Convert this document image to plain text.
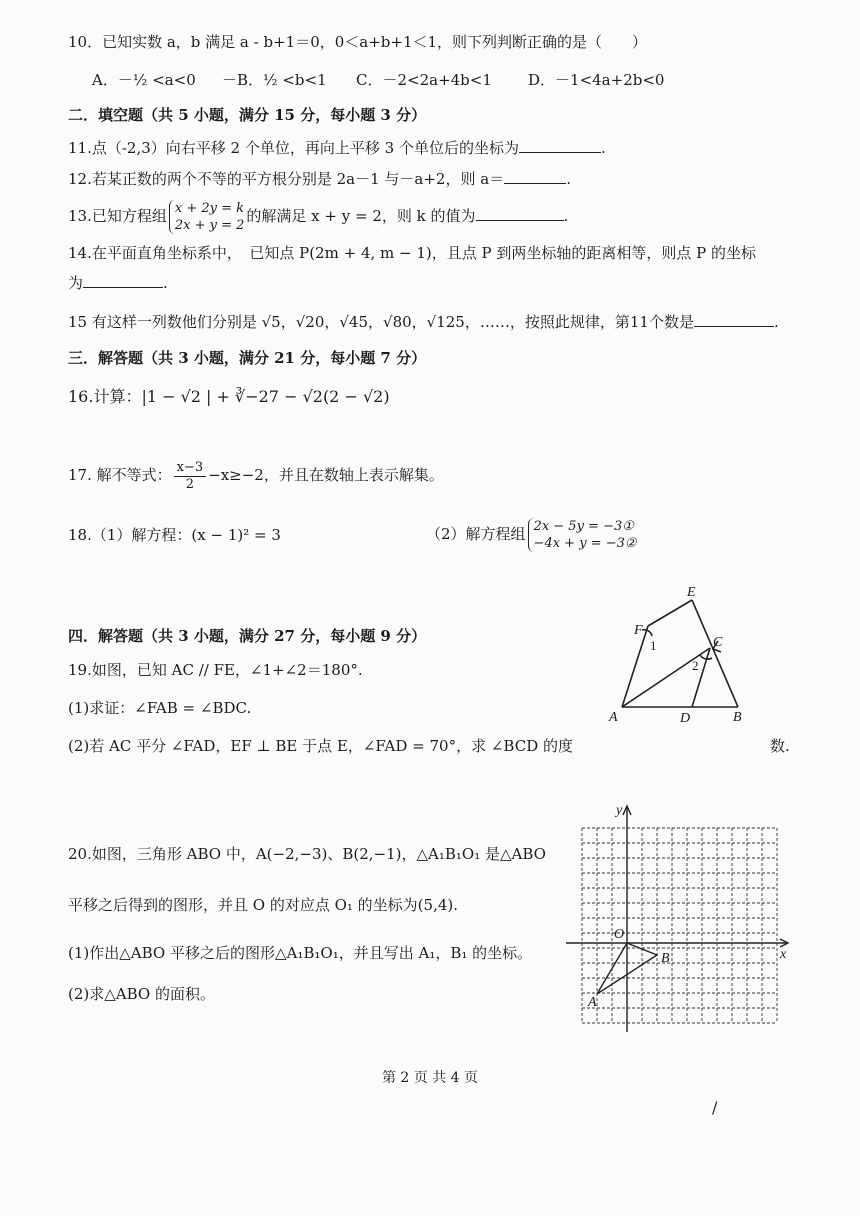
10．已知实数 a，b 满足 a - b+1＝0，0＜a+b+1＜1，则下列判断正确的是（　　）
A．－½ <a<0 －B．½ <b<1 C．－2<2a+4b<1 D．－1<4a+2b<0
二．填空题（共 5 小题，满分 15 分，每小题 3 分）
11.点（-2,3）向右平移 2 个单位，再向上平移 3 个单位后的坐标为	.
12.若某正数的两个不等的平方根分别是 2a－1 与－a+2，则 a＝	.
13.已知方程组 x + 2y = k
2x + y = 2
的解满足 x + y = 2，则 k 的值为	.
14.在平面直角坐标系中，　已知点 P(2m + 4, m − 1)，且点 P 到两坐标轴的距离相等，则点 P 的坐标
为	.
15 有这样一列数他们分别是 √5，√20，√45，√80，√125，……，按照此规律，第11个数是	.
三．解答题（共 3 小题，满分 21 分，每小题 7 分）
16.计算：|1 − √2 | + ∛−27 − √2(2 − √2)
17. 解不等式： $\frac{x-3}{2} -x\ge-2$，并且在数轴上表示解集。
18.（1）解方程：(x − 1)² = 3	（2）解方程组 2x − 5y = −3①
−4x + y = −3②
四．解答题（共 3 小题，满分 27 分，每小题 9 分）
19.如图，已知 AC // FE，∠1+∠2＝180°.
(1)求证：∠FAB = ∠BDC.
(2)若 AC 平分 ∠FAD，EF ⊥ BE 于点 E，∠FAD = 70°，求 ∠BCD 的度	数.
E
F
C
A	D	B
1
2
20.如图，三角形 ABO 中，A(−2,−3)、B(2,−1)，△A₁B₁O₁ 是△ABO
平移之后得到的图形，并且 O 的对应点 O₁ 的坐标为(5,4).
(1)作出△ABO 平移之后的图形△A₁B₁O₁，并且写出 A₁，B₁ 的坐标。
(2)求△ABO 的面积。
y
x
O
A
B
第 2 页 共 4 页
/
